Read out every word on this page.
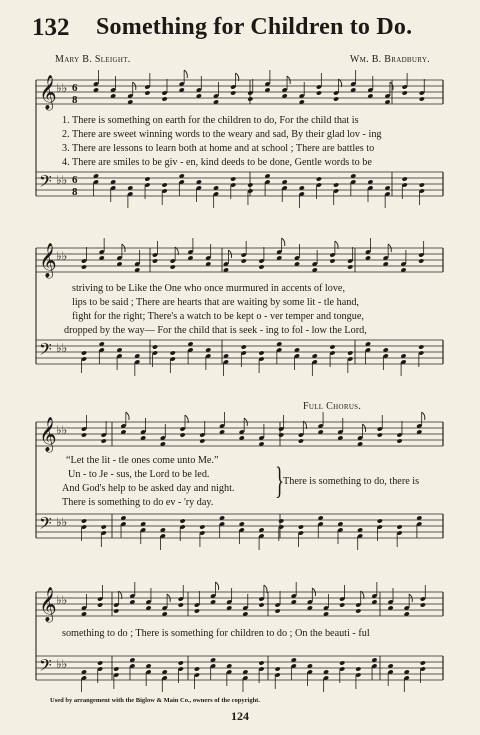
132 Something for Children to Do.
Mary B. Sleight.	Wm. B. Bradbury.
𝄞 ♭♭ 6
8
𝄢 ♭♭ 6
8
1. There is something on earth for the children to do, For the child that is
2. There are sweet winning words to the weary and sad, By their glad lov - ing
3. There are lessons to learn both at home and at school ; There are battles to
4. There are smiles to be giv - en, kind deeds to be done, Gentle words to be
𝄞 ♭♭
𝄢 ♭♭
striving to be Like the One who once murmured in accents of love,
lips to be said ; There are hearts that are waiting by some lit - tle hand,
fight for the right; There's a watch to be kept o - ver temper and tongue,
dropped by the way— For the child that is seek - ing to fol - low the Lord,
Full Chorus.
𝄞 ♭♭
𝄢 ♭♭
“Let the lit - tle ones come unto Me.”
Un - to Je - sus, the Lord to be led.
And God's help to be asked day and night.
There is something to do ev - 'ry day.
}
There is something to do, there is
𝄞 ♭♭
𝄢 ♭♭
something to do ; There is something for children to do ; On the beauti - ful
Used by arrangement with the Biglow & Main Co., owners of the copyright.
124
